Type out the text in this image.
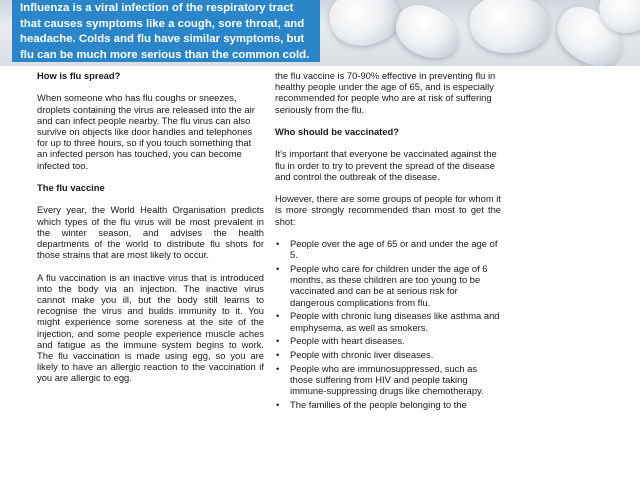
Influenza is a viral infection of the respiratory tract that causes symptoms like a cough, sore throat, and headache. Colds and flu have similar symptoms, but flu can be much more serious than the common cold.
How is flu spread?

When someone who has flu coughs or sneezes, droplets containing the virus are released into the air and can infect people nearby. The flu virus can also survive on objects like door handles and telephones for up to three hours, so if you touch something that an infected person has touched, you can become infected too.

The flu vaccine

Every year, the World Health Organisation predicts which types of the flu virus will be most prevalent in the winter season, and advises the health departments of the world to distribute flu shots for those strains that are most likely to occur.

A flu vaccination is an inactive virus that is introduced into the body via an injection. The inactive virus cannot make you ill, but the body still learns to recognise the virus and builds immunity to it. You might experience some soreness at the site of the injection, and some people experience muscle aches and fatigue as the immune system begins to work. The flu vaccination is made using egg, so you are likely to have an allergic reaction to the vaccination if you are allergic to egg.

the flu vaccine is 70-90% effective in preventing flu in healthy people under the age of 65, and is especially recommended for people who are at risk of suffering seriously from the flu.

Who should be vaccinated?

It's important that everyone be vaccinated against the flu in order to try to prevent the spread of the disease and control the outbreak of the disease.

However, there are some groups of people for whom it is more strongly recommended than most to get the shot:

• People over the age of 65 or and under the age of 5.
• People who care for children under the age of 6 months, as these children are too young to be vaccinated and can be at serious risk for dangerous complications from flu.
• People with chronic lung diseases like asthma and emphysema, as well as smokers.
• People with heart diseases.
• People with chronic liver diseases.
• People who are immunosuppressed, such as those suffering from HIV and people taking immune-suppressing drugs like chemotherapy.
• The families of the people belonging to the
